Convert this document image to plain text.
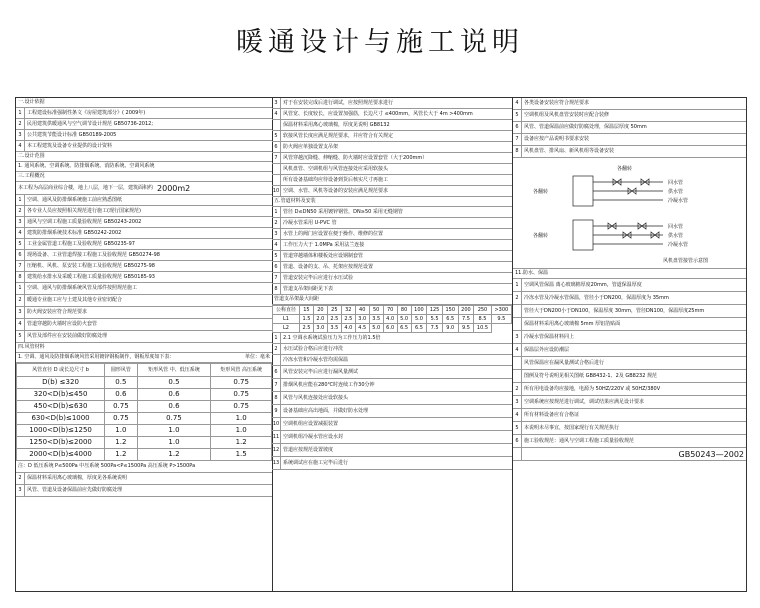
暖通设计与施工说明
一.设计依据
1	工程建设标准强制性条文《房屋建筑部分》( 2009年)
2	民用建筑供暖通风与空气调节设计规范 GB50736-2012;
3	公共建筑节能设计标准 GB50189-2005
4	本工程建筑及设备专业提供的设计资料
二.设计范围
1. 通风系统、空调系统、防排烟系统、消防系统、空调风系统
三.工程概况
本工程为高层商业综合楼，地上八层，地下一层，建筑面积约 2000m2
1	空调、通风及防排烟系统施工前应熟悉图纸
2	各专业人员应按照相关规范进行施工(现行国家规范)
3	通风与空调工程施工质量验收规范 GB50243-2002
4	建筑防排烟系统技术标准 GB50242-2002
5	工业金属管道工程施工及验收规范 GB50235-97
6	现场设备、工业管道焊接工程施工及验收规范 GB50274-98
7	压缩机、风机、泵安装工程施工及验收规范 GB50275-98
8	建筑给水排水及采暖工程施工质量验收规范 GB50185-93
1	空调、通风与防排烟系统风管及部件按照规范施工
2	暖通专业施工应与土建及其他专业密切配合
3	防火阀安装应符合规范要求
4	管道穿越防火墙时应设防火套管
5	风管及部件应在安装前做好防腐处理
四.风管材料
1. 空调、通风及防排烟系统风管采用镀锌钢板制作，钢板厚度如下表：	单位：毫米
风管直径 D 或长边尺寸 b	圆形风管	矩形风管 中、低压系统	矩形风管 高压系统
D(b) ≤320	0.5	0.5	0.75
320<D(b)≤450	0.6	0.6	0.75
450<D(b)≤630	0.75	0.6	0.75
630<D(b)≤1000	0.75	0.75	1.0
1000<D(b)≤1250	1.0	1.0	1.0
1250<D(b)≤2000	1.2	1.0	1.2
2000<D(b)≤4000	1.2	1.2	1.5
注：D 低压系统 P≤500Pa 中压系统 500Pa<P≤1500Pa 高压系统 P>1500Pa
2	保温材料采用离心玻璃棉，厚度见各系统说明
3	风管、管道及设备保温前应先做好防腐处理
3	对于在安装完成后进行调试，应按照规范要求进行
4	风管宽、长度较长，应设置加强筋，长边尺寸 ≤400mm，风管长大于 4m >400mm
保温材料采用离心玻璃棉，厚度见说明 GB8132
5	软接风管长度应满足规范要求，并应符合有关规定
6	防火阀应单独设置支吊架
7	风管穿越沉降缝、伸缩缝、防火墙时应设置套管（大于200mm）
风机盘管、空调机组与风管连接处应采用软接头
所有设备基础均应待设备到货后核实尺寸再施工
10 空调、水管、风机等设备的安装应满足规范要求
五.管道材料及安装
1	管径 D≤DN50 采用镀锌钢管，DN≥50 采用无缝钢管
2	冷凝水管采用 U-PVC 管
3	水管上的阀门应设置在便于操作、维修的位置
4	工作压力大于 1.0MPa 采用法兰连接
5	管道穿越墙体和楼板处应设钢制套管
6	管道、设备的支、吊、托架应按规范设置
7	管道安装完毕后应进行水压试验
8	管道支吊架间距见下表
管道支吊架最大间距
公称直径	15	20	25	32	40	50	70	80	100	125	150	200	250	>300
L1	1.5	2.0	2.5	2.5	3.0	3.5	4.0	5.0	5.0	5.5	6.5	7.5	8.5	9.5
L2	2.5	3.0	3.5	4.0	4.5	5.0	6.0	6.5	6.5	7.5	9.0	9.5	10.5	
1	2.1 空调水系统试验压力为工作压力的1.5倍
2	水压试验合格后应进行冲洗
冷冻水管和冷凝水管均需保温
6	风管安装完毕后应进行漏风量测试
7	排烟风机应能在280℃时连续工作30分钟
8	风管与风机连接处应设软接头
9	设备基础应高出地面，并做好防水处理
10 空调机组应设置减振装置
11 空调机组冷凝水管应设水封
12 管道应按规范设置坡度
13 系统调试应在施工完毕后进行
4	各类设备安装应符合规范要求
5	空调机组及风机盘管安装时应配合装修
6	风管、管道保温前应做好防腐处理，保温层厚度 50mm
7	设备应按产品说明书要求安装
8	风机盘管、排风扇、新风机组等设备安装
各翻转
各翻转
各翻转
回水管
供水管
冷凝水管
回水管
供水管
冷凝水管
风机盘管接管示意图
11.防水、保温
1	空调风管保温 离心玻璃棉厚度20mm，管道保温厚度
2	冷冻水管及冷凝水管保温，管径小于DN200，保温厚度为 35mm
管径大于DN200小于DN100，保温厚度 30mm，管径DN100，保温厚度25mm
保温材料采用离心玻璃棉 5mm 厚铝箔贴面
3	冷凝水管保温材料同上
4	保温层外应设防潮层
风管保温应在漏风量测试合格后进行
图例及符号说明见相关图纸 GB8432-1、2及 GB8232 规范
2	所有用电设备均应接地，电源为 50HZ/220V 或 50HZ/380V
3	空调系统应按规范进行调试，调试结果应满足设计要求
4	所有材料设备应有合格证
5	本说明未尽事宜，按国家现行有关规范执行
6	施工验收规范：通风与空调工程施工质量验收规范
GB50243—2002
